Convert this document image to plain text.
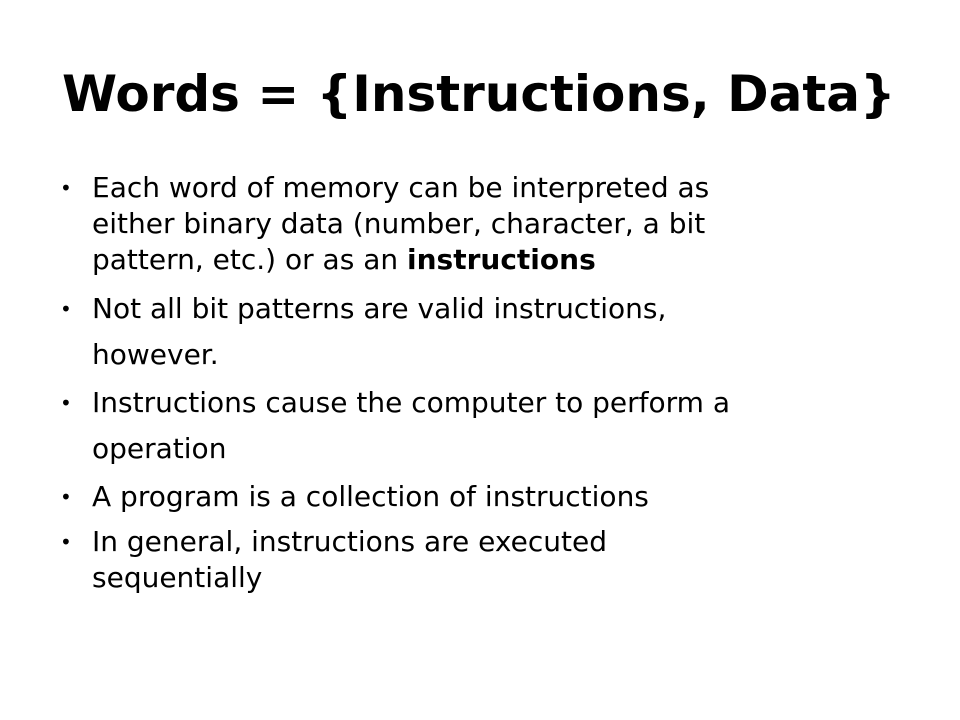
Words = {Instructions, Data}
• Each word of memory can be interpreted as
either binary data (number, character, a bit
pattern, etc.) or as an instructions
• Not all bit patterns are valid instructions,
however.
• Instructions cause the computer to perform a
operation
• A program is a collection of instructions
• In general, instructions are executed
sequentially
